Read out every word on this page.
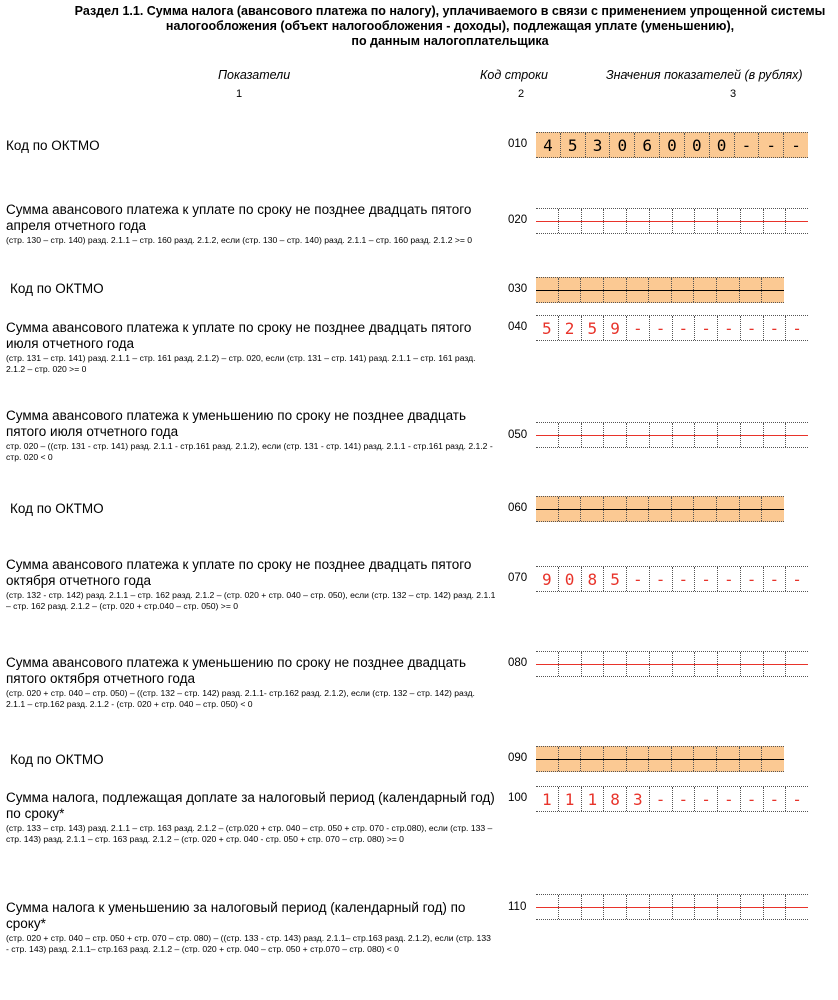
Раздел 1.1. Сумма налога (авансового платежа по налогу), уплачиваемого в связи с применением упрощенной системы
налогообложения (объект налогообложения - доходы), подлежащая уплате (уменьшению),
по данным налогоплательщика
Показатели	Код строки	Значения показателей (в рублях)
1	2	3
Код по ОКТМО	010 4 5 3 0 6 0 0 0 - - -
Сумма авансового платежа к уплате по сроку не позднее двадцать пятого апреля отчетного года
(стр. 130 – стр. 140) разд. 2.1.1 – стр. 160 разд. 2.1.2, если (стр. 130 – стр. 140) разд. 2.1.1 – стр. 160 разд. 2.1.2 >= 0
020
Код по ОКТМО	030
Сумма авансового платежа к уплате по сроку не позднее двадцать пятого июля отчетного года
(стр. 131 – стр. 141) разд. 2.1.1 – стр. 161 разд. 2.1.2) – стр. 020, если (стр. 131 – стр. 141) разд. 2.1.1 – стр. 161 разд. 2.1.2 – стр. 020 >= 0
040 5 2 5 9 - - - - - - - -
Сумма авансового платежа к уменьшению по сроку не позднее двадцать пятого июля отчетного года
стр. 020 – ((стр. 131 - стр. 141) разд. 2.1.1 - стр.161 разд. 2.1.2), если (стр. 131 - стр. 141) разд. 2.1.1 - стр.161 разд. 2.1.2 - стр. 020 < 0
050
Код по ОКТМО	060
Сумма авансового платежа к уплате по сроку не позднее двадцать пятого октября отчетного года
(стр. 132 - стр. 142) разд. 2.1.1 – стр. 162 разд. 2.1.2 – (стр. 020 + стр. 040 – стр. 050), если (стр. 132 – стр. 142) разд. 2.1.1 – стр. 162 разд. 2.1.2 – (стр. 020 + стр.040 – стр. 050) >= 0
070 9 0 8 5 - - - - - - - -
Сумма авансового платежа к уменьшению по сроку не позднее двадцать пятого октября отчетного года
(стр. 020 + стр. 040 – стр. 050) – ((стр. 132 – стр. 142) разд. 2.1.1- стр.162 разд. 2.1.2), если (стр. 132 – стр. 142) разд. 2.1.1 – стр.162 разд. 2.1.2 - (стр. 020 + стр. 040 – стр. 050) < 0
080
Код по ОКТМО	090
Сумма налога, подлежащая доплате за налоговый период (календарный год) по сроку*
(стр. 133 – стр. 143) разд. 2.1.1 – стр. 163 разд. 2.1.2 – (стр.020 + стр. 040 – стр. 050 + стр. 070 - стр.080), если (стр. 133 – стр. 143) разд. 2.1.1 – стр. 163 разд. 2.1.2 – (стр. 020 + стр. 040 - стр. 050 + стр. 070 – стр. 080) >= 0
100 1 1 1 8 3 - - - - - - -
Сумма налога к уменьшению за налоговый период (календарный год) по сроку*
(стр. 020 + стр. 040 – стр. 050 + стр. 070 – стр. 080) – ((стр. 133 - стр. 143) разд. 2.1.1– стр.163 разд. 2.1.2), если (стр. 133 - стр. 143) разд. 2.1.1– стр.163 разд. 2.1.2 – (стр. 020 + стр. 040 – стр. 050 + стр.070 – стр. 080) < 0
110
